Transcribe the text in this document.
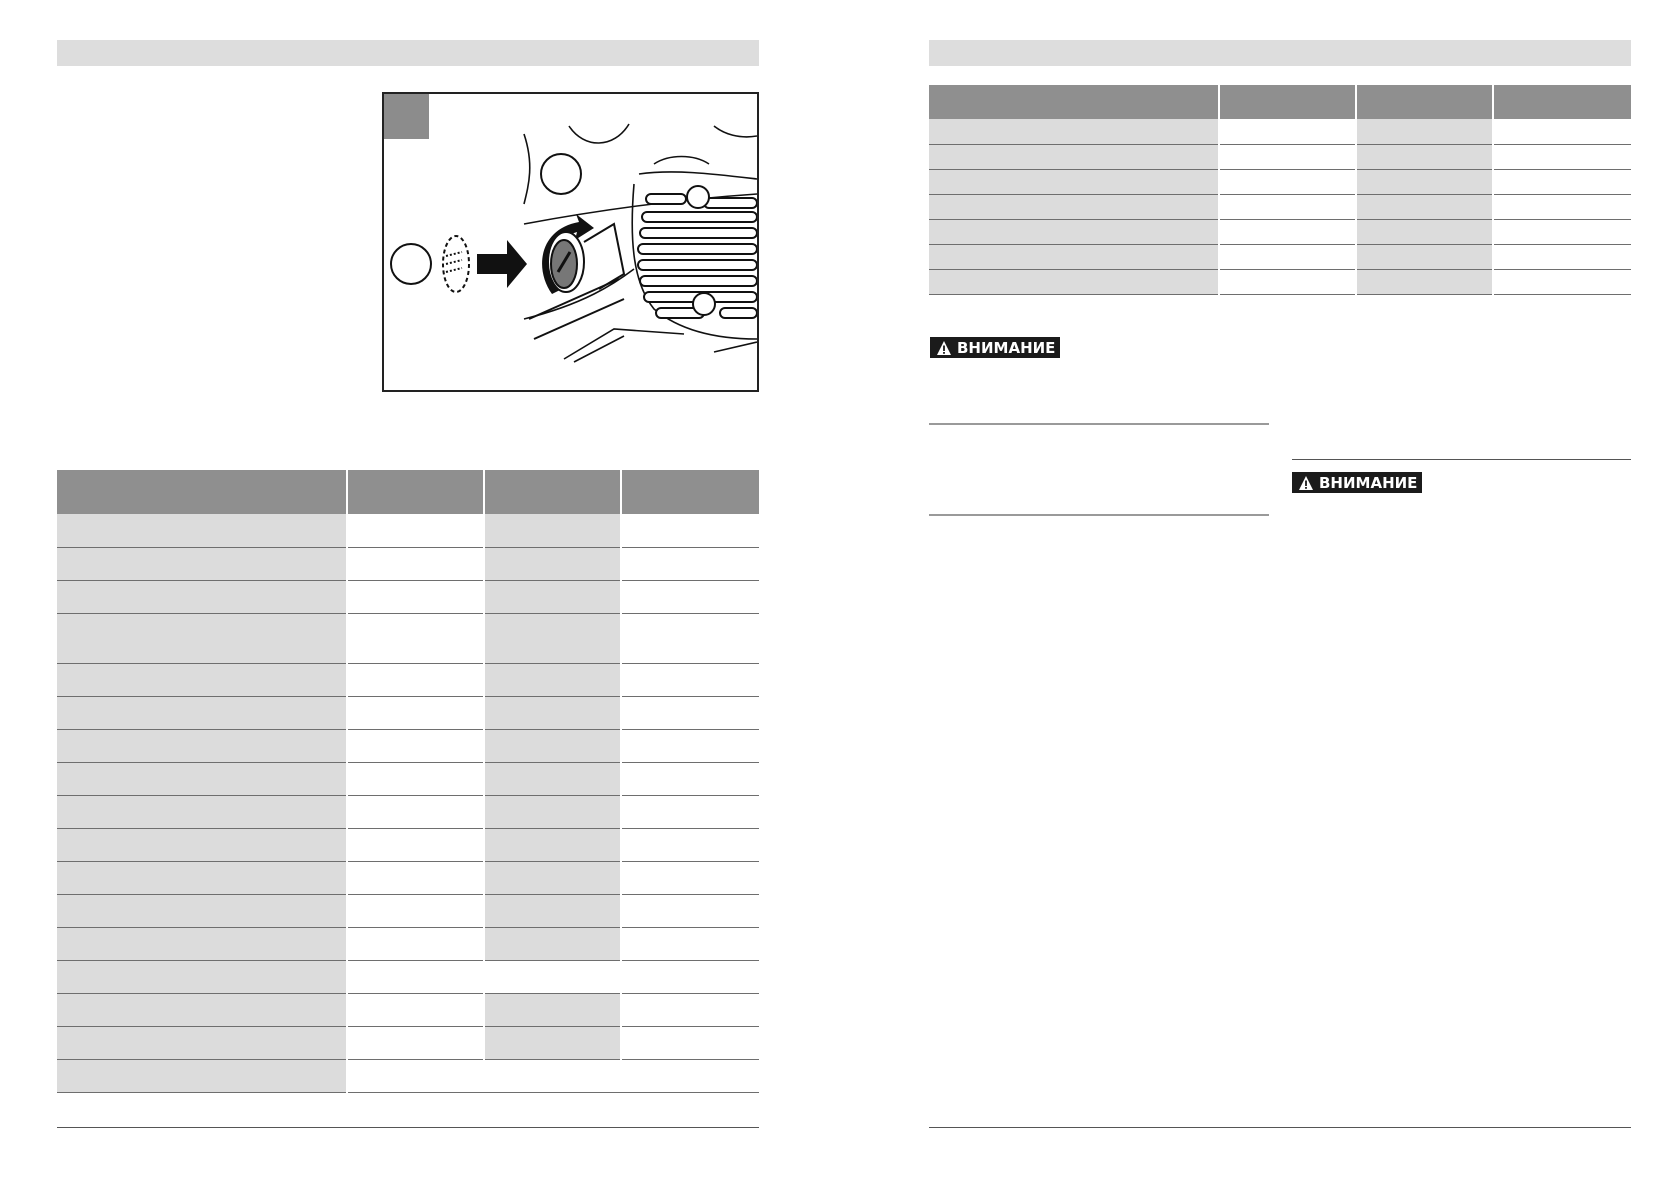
ВНИМАНИЕ
ВНИМАНИЕ
